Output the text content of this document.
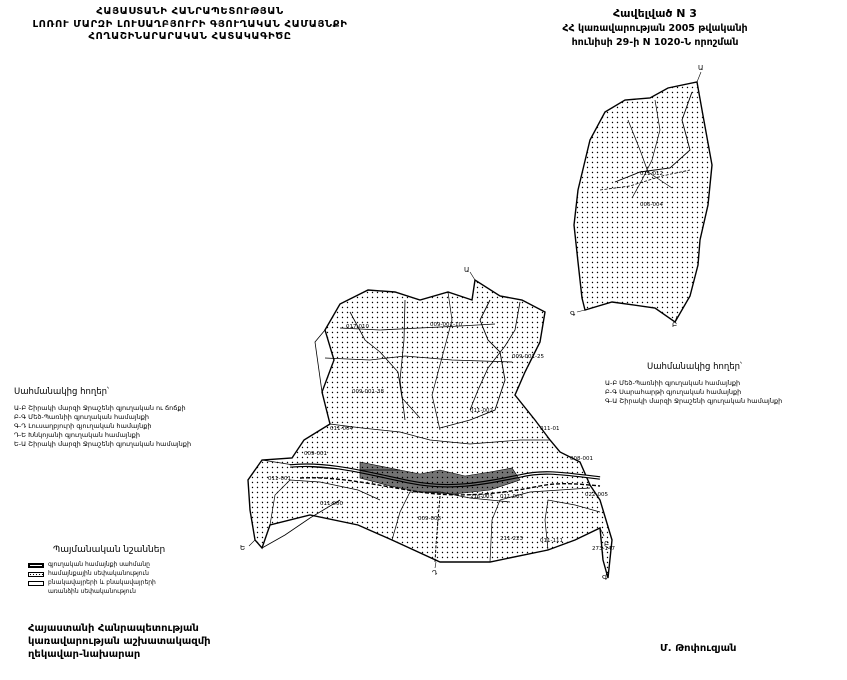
ՀԱՅԱՍՏԱՆԻ ՀԱՆՐԱՊԵՏՈՒԹՅԱՆ
ԼՈՌՈՒ ՄԱՐԶԻ ԼՈՒՍԱՂԲՅՈՒՐԻ ԳՅՈՒՂԱԿԱՆ ՀԱՄԱՅՆՔԻ
ՀՈՂԱՇԻՆԱՐԱՐԱԿԱՆ ՀԱՏԱԿԱԳԻԾԸ
Հավելված N 3
ՀՀ կառավարության 2005 թվականի
հունիսի 29-ի N 1020-Ն որոշման
Ա
Բ
Գ
011-012
006-004
Ա
Բ
Գ
Դ
Ե
009-001-38
009-001-10
009-001-25
017-010
011-002
011-004
009-001
011-01
008-001
011-001
216-003 011-003	022-005
009-003
011-000
211-223	011-111
273-147
Սահմանակից հողեր՝
Ա-Բ Շիրակի մարզի Ջրաշենի գյուղական ու ճոճքի
Բ-Գ Մեծ-Պառնիի գյուղական համայնքի
Գ-Դ Լուսաղբյուրի գյուղական համայնքի
Դ-Ե Խնկոյանի գյուղական համայնքի
Ե-Ա Շիրակի մարզի Ջրաշենի գյուղական համայնքի
Սահմանակից հողեր՝
Ա-Բ Մեծ-Պառնիի գյուղական համայնքի
Բ-Գ Սարահարթի գյուղական համայնքի
Գ-Ա Շիրակի մարզի Ջրաշենի գյուղական համայնքի
Պայմանական նշաններ
գյուղական համայնքի սահմանը
համայնքային սեփականություն
բնակավայրերի և բնակավայրերի
առանձին սեփականություն
Հայաստանի Հանրապետության
կառավարության աշխատակազմի
ղեկավար-նախարար
Մ. Թոփուզյան
